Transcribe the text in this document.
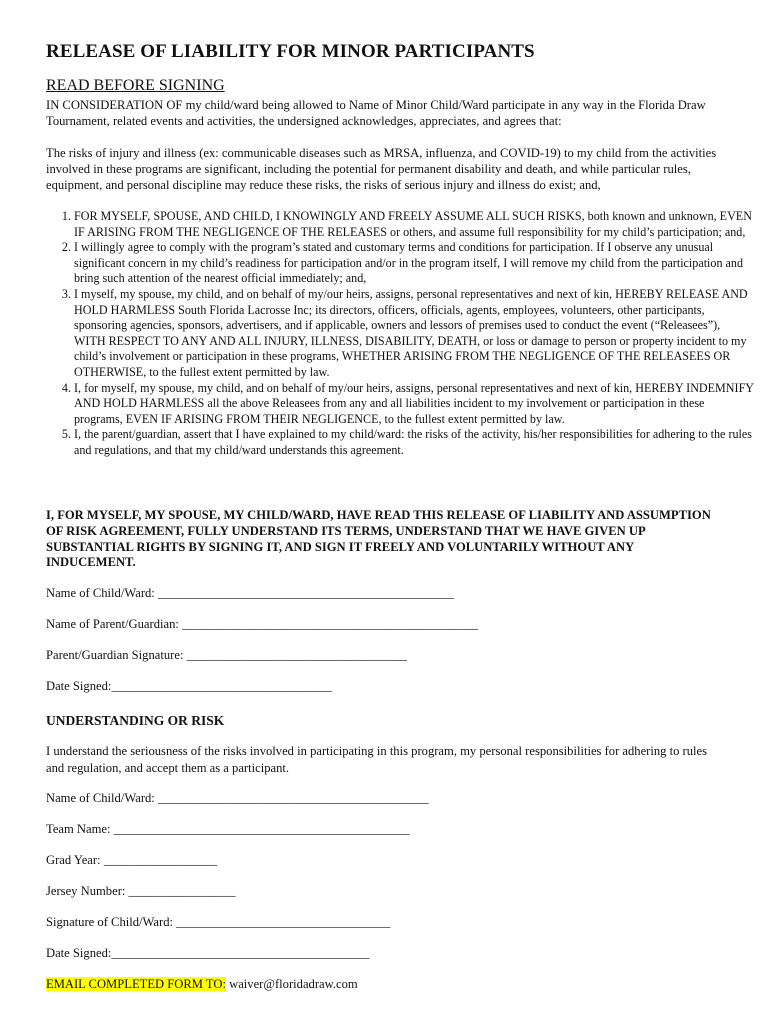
RELEASE OF LIABILITY FOR MINOR PARTICIPANTS
READ BEFORE SIGNING
IN CONSIDERATION OF my child/ward being allowed to Name of Minor Child/Ward participate in any way in the Florida Draw Tournament, related events and activities, the undersigned acknowledges, appreciates, and agrees that:
The risks of injury and illness (ex: communicable diseases such as MRSA, influenza, and COVID-19) to my child from the activities involved in these programs are significant, including the potential for permanent disability and death, and while particular rules, equipment, and personal discipline may reduce these risks, the risks of serious injury and illness do exist; and,
1. FOR MYSELF, SPOUSE, AND CHILD, I KNOWINGLY AND FREELY ASSUME ALL SUCH RISKS, both known and unknown, EVEN IF ARISING FROM THE NEGLIGENCE OF THE RELEASES or others, and assume full responsibility for my child’s participation; and,
2. I willingly agree to comply with the program’s stated and customary terms and conditions for participation. If I observe any unusual significant concern in my child’s readiness for participation and/or in the program itself, I will remove my child from the participation and bring such attention of the nearest official immediately; and,
3. I myself, my spouse, my child, and on behalf of my/our heirs, assigns, personal representatives and next of kin, HEREBY RELEASE AND HOLD HARMLESS South Florida Lacrosse Inc; its directors, officers, officials, agents, employees, volunteers, other participants, sponsoring agencies, sponsors, advertisers, and if applicable, owners and lessors of premises used to conduct the event (“Releasees”), WITH RESPECT TO ANY AND ALL INJURY, ILLNESS, DISABILITY, DEATH, or loss or damage to person or property incident to my child’s involvement or participation in these programs, WHETHER ARISING FROM THE NEGLIGENCE OF THE RELEASEES OR OTHERWISE, to the fullest extent permitted by law.
4. I, for myself, my spouse, my child, and on behalf of my/our heirs, assigns, personal representatives and next of kin, HEREBY INDEMNIFY AND HOLD HARMLESS all the above Releasees from any and all liabilities incident to my involvement or participation in these programs, EVEN IF ARISING FROM THEIR NEGLIGENCE, to the fullest extent permitted by law.
5. I, the parent/guardian, assert that I have explained to my child/ward: the risks of the activity, his/her responsibilities for adhering to the rules and regulations, and that my child/ward understands this agreement.
I, FOR MYSELF, MY SPOUSE, MY CHILD/WARD, HAVE READ THIS RELEASE OF LIABILITY AND ASSUMPTION OF RISK AGREEMENT, FULLY UNDERSTAND ITS TERMS, UNDERSTAND THAT WE HAVE GIVEN UP SUBSTANTIAL RIGHTS BY SIGNING IT, AND SIGN IT FREELY AND VOLUNTARILY WITHOUT ANY INDUCEMENT.
Name of Child/Ward: _______________________________________________
Name of Parent/Guardian: _______________________________________________
Parent/Guardian Signature: ___________________________________
Date Signed:___________________________________
UNDERSTANDING OR RISK
I understand the seriousness of the risks involved in participating in this program, my personal responsibilities for adhering to rules and regulation, and accept them as a participant.
Name of Child/Ward: ___________________________________________
Team Name: _______________________________________________
Grad Year: __________________
Jersey Number: _________________
Signature of Child/Ward: __________________________________
Date Signed:_________________________________________
EMAIL COMPLETED FORM TO: waiver@floridadraw.com
